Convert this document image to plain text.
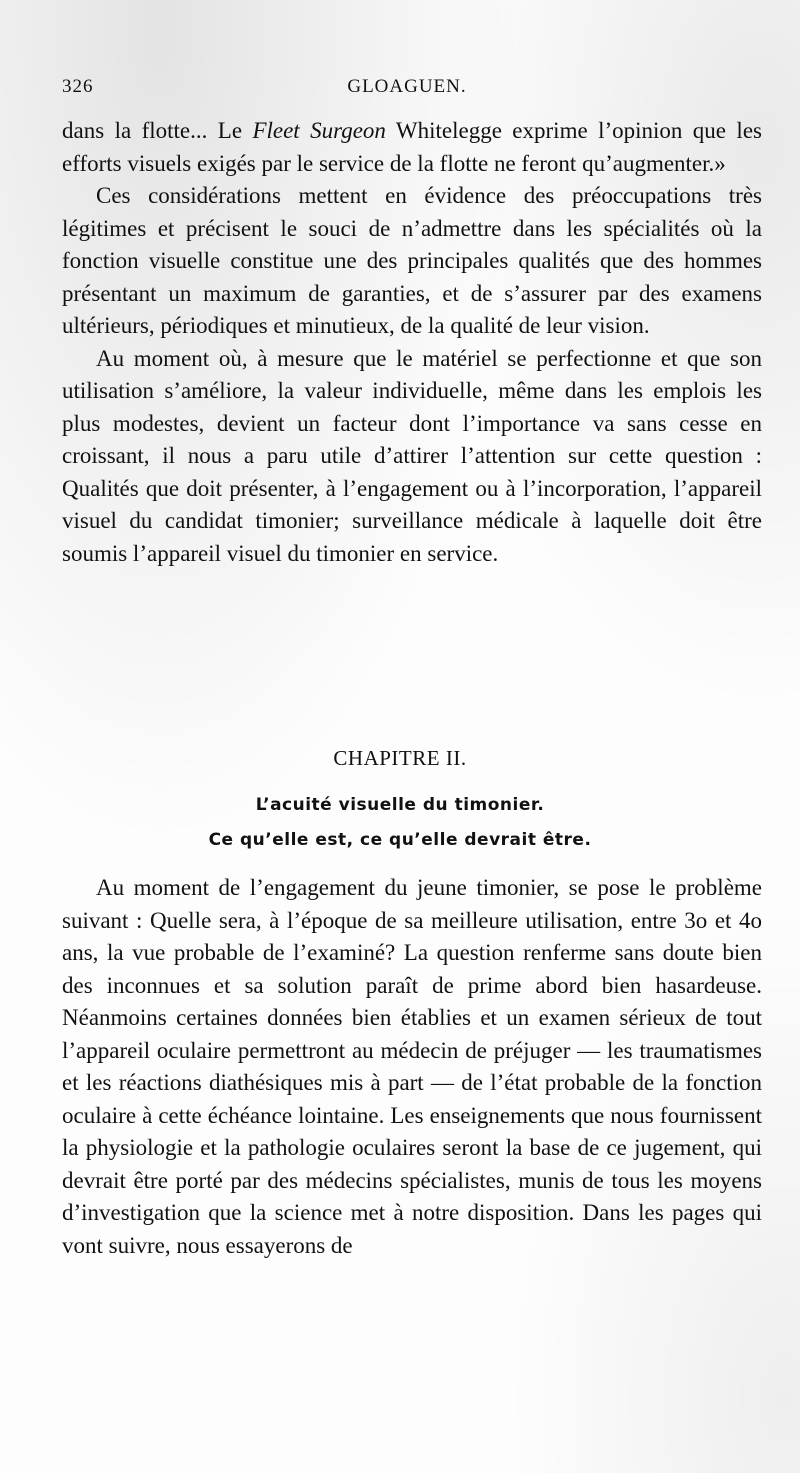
326	GLOAGUEN.

dans la flotte... Le Fleet Surgeon Whitelegge exprime l’opinion que les efforts visuels exigés par le service de la flotte ne feront qu’augmenter.»

Ces considérations mettent en évidence des préoccupations très légitimes et précisent le souci de n’admettre dans les spécialités où la fonction visuelle constitue une des principales qualités que des hommes présentant un maximum de garanties, et de s’assurer par des examens ultérieurs, périodiques et minutieux, de la qualité de leur vision.

Au moment où, à mesure que le matériel se perfectionne et que son utilisation s’améliore, la valeur individuelle, même dans les emplois les plus modestes, devient un facteur dont l’importance va sans cesse en croissant, il nous a paru utile d’attirer l’attention sur cette question : Qualités que doit présenter, à l’engagement ou à l’incorporation, l’appareil visuel du candidat timonier; surveillance médicale à laquelle doit être soumis l’appareil visuel du timonier en service.

CHAPITRE II.
L’acuité visuelle du timonier.
Ce qu’elle est, ce qu’elle devrait être.

Au moment de l’engagement du jeune timonier, se pose le problème suivant : Quelle sera, à l’époque de sa meilleure utilisation, entre 3o et 4o ans, la vue probable de l’examiné? La question renferme sans doute bien des inconnues et sa solution paraît de prime abord bien hasardeuse. Néanmoins certaines données bien établies et un examen sérieux de tout l’appareil oculaire permettront au médecin de préjuger — les traumatismes et les réactions diathésiques mis à part — de l’état probable de la fonction oculaire à cette échéance lointaine. Les enseignements que nous fournissent la physiologie et la pathologie oculaires seront la base de ce jugement, qui devrait être porté par des médecins spécialistes, munis de tous les moyens d’investigation que la science met à notre disposition. Dans les pages qui vont suivre, nous essayerons de
